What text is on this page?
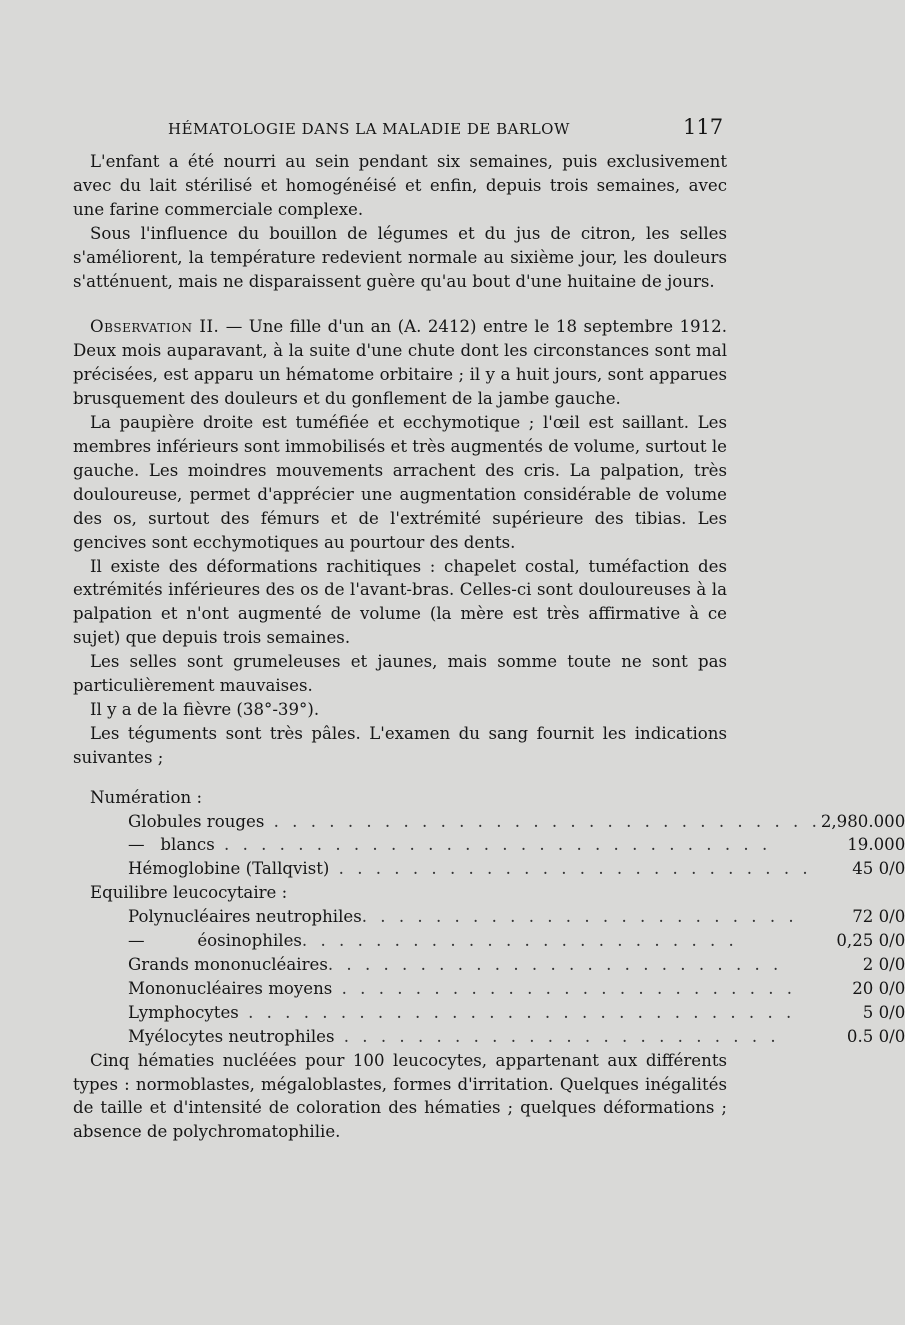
HÉMATOLOGIE DANS LA MALADIE DE BARLOW	117

L'enfant a été nourri au sein pendant six semaines, puis exclusivement avec du lait stérilisé et homogénéisé et enfin, depuis trois semaines, avec une farine commerciale complexe.

Sous l'influence du bouillon de légumes et du jus de citron, les selles s'améliorent, la température redevient normale au sixième jour, les douleurs s'atténuent, mais ne disparaissent guère qu'au bout d'une huitaine de jours.

Observation II. — Une fille d'un an (A. 2412) entre le 18 septembre 1912. Deux mois auparavant, à la suite d'une chute dont les circonstances sont mal précisées, est apparu un hématome orbitaire ; il y a huit jours, sont apparues brusquement des douleurs et du gonflement de la jambe gauche.

La paupière droite est tuméfiée et ecchymotique ; l'œil est saillant. Les membres inférieurs sont immobilisés et très augmentés de volume, surtout le gauche. Les moindres mouvements arrachent des cris. La palpation, très douloureuse, permet d'apprécier une augmentation considérable de volume des os, surtout des fémurs et de l'extrémité supérieure des tibias. Les gencives sont ecchymotiques au pourtour des dents.

Il existe des déformations rachitiques : chapelet costal, tuméfaction des extrémités inférieures des os de l'avant-bras. Celles-ci sont douloureuses à la palpation et n'ont augmenté de volume (la mère est très affirmative à ce sujet) que depuis trois semaines.

Les selles sont grumeleuses et jaunes, mais somme toute ne sont pas particulièrement mauvaises.

Il y a de la fièvre (38°-39°).

Les téguments sont très pâles. L'examen du sang fournit les indications suivantes ;

Numération :
Globules rouges . . . . . . . . . . . . . . . . . . . . . . . . . . . . . .	2,980.000

—   blancs . . . . . . . . . . . . . . . . . . . . . . . . . . . . . .	19.000

Hémoglobine (Tallqvist) . . . . . . . . . . . . . . . . . . . . . . . . . .	45 0/0

Equilibre leucocytaire :	

Polynucléaires neutrophiles. . . . . . . . . . . . . . . . . . . . . . . .	72 0/0

—          éosinophiles. . . . . . . . . . . . . . . . . . . . . . . .	0,25 0/0

Grands mononucléaires. . . . . . . . . . . . . . . . . . . . . . . . .	2 0/0

Mononucléaires moyens . . . . . . . . . . . . . . . . . . . . . . . . .	20 0/0

Lymphocytes . . . . . . . . . . . . . . . . . . . . . . . . . . . . . .	5 0/0

Myélocytes neutrophiles . . . . . . . . . . . . . . . . . . . . . . . .	0.5 0/0

Cinq hématies nucléées pour 100 leucocytes, appartenant aux différents types : normoblastes, mégaloblastes, formes d'irritation. Quelques inégalités de taille et d'intensité de coloration des hématies ; quelques déformations ; absence de polychromatophilie.
